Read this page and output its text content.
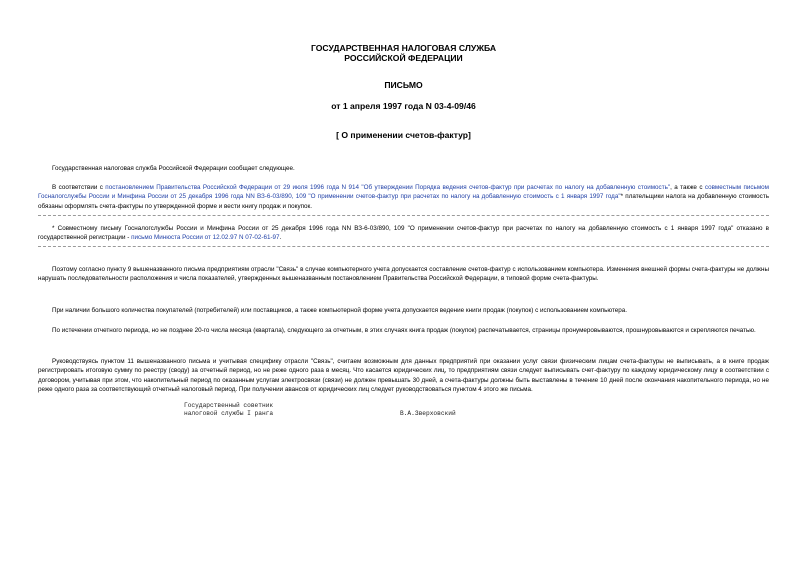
ГОСУДАРСТВЕННАЯ НАЛОГОВАЯ СЛУЖБА
РОССИЙСКОЙ ФЕДЕРАЦИИ
ПИСЬМО
от 1 апреля 1997 года N 03-4-09/46
[ О применении счетов-фактур]
Государственная налоговая служба Российской Федерации сообщает следующее.
В соответствии с постановлением Правительства Российской Федерации от 29 июля 1996 года N 914 "Об утверждении Порядка ведения счетов-фактур при расчетах по налогу на добавленную стоимость", а также с совместным письмом Госналогслужбы России и Минфина России от 25 декабря 1996 года NN ВЗ-6-03/890, 109 "О применении счетов-фактур при расчетах по налогу на добавленную стоимость с 1 января 1997 года"* плательщики налога на добавленную стоимость обязаны оформлять счета-фактуры по утвержденной форме и вести книгу продаж и покупок.
* Совместному письму Госналогслужбы России и Минфина России от 25 декабря 1996 года NN ВЗ-6-03/890, 109 "О применении счетов-фактур при расчетах по налогу на добавленную стоимость с 1 января 1997 года" отказано в государственной регистрации - письмо Минюста России от 12.02.97 N 07-02-61-97.
Поэтому согласно пункту 9 вышеназванного письма предприятиям отрасли "Связь" в случае компьютерного учета допускается составление счетов-фактур с использованием компьютера. Изменения внешней формы счета-фактуры не должны нарушать последовательности расположения и числа показателей, утвержденных вышеназванным постановлением Правительства Российской Федерации, в типовой форме счета-фактуры.
При наличии большого количества покупателей (потребителей) или поставщиков, а также компьютерной форме учета допускается ведение книги продаж (покупок) с использованием компьютера.
По истечении отчетного периода, но не позднее 20-го числа месяца (квартала), следующего за отчетным, в этих случаях книга продаж (покупок) распечатывается, страницы пронумеровываются, прошнуровываются и скрепляются печатью.
Руководствуясь пунктом 11 вышеназванного письма и учитывая специфику отрасли "Связь", считаем возможным для данных предприятий при оказании услуг связи физическим лицам счета-фактуры не выписывать, а в книге продаж регистрировать итоговую сумму по реестру (своду) за отчетный период, но не реже одного раза в месяц. Что касается юридических лиц, то предприятиям связи следует выписывать счет-фактуру по каждому юридическому лицу в соответствии с договором, учитывая при этом, что накопительный период по оказанным услугам электросвязи (связи) не должен превышать 30 дней, а счета-фактуры должны быть выставлены в течение 10 дней после окончания накопительного периода, но не реже одного раза за соответствующий отчетный налоговый период. При получении авансов от юридических лиц следует руководствоваться пунктом 4 этого же письма.
Государственный советник
налоговой службы I ранга	В.А.Зверховский
